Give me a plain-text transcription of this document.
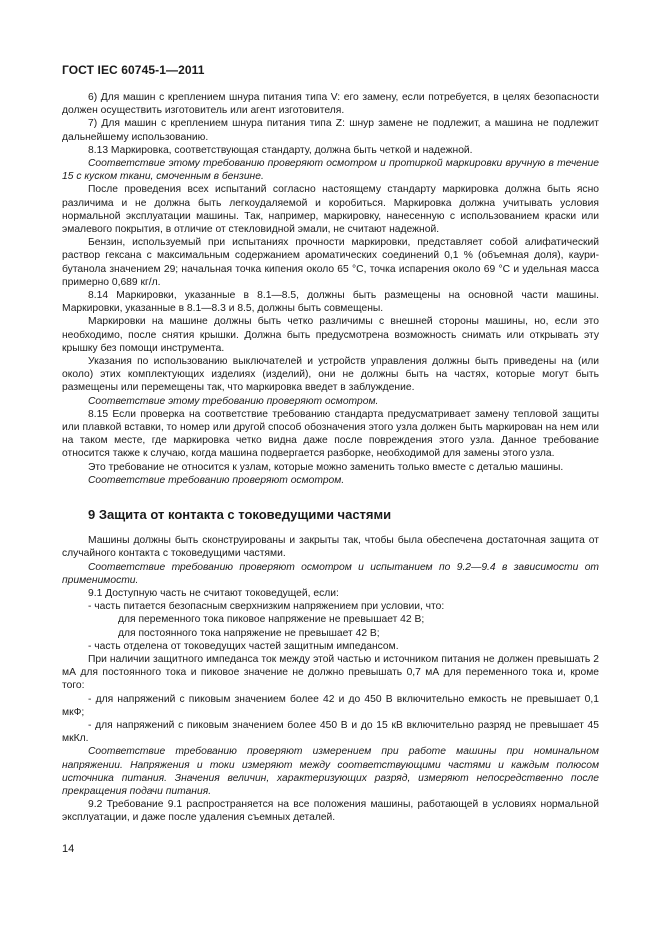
ГОСТ IEC 60745-1—2011

6) Для машин с креплением шнура питания типа V: его замену, если потребуется, в целях безопасности должен осуществить изготовитель или агент изготовителя.

7) Для машин с креплением шнура питания типа Z: шнур замене не подлежит, а машина не подлежит дальнейшему использованию.

8.13 Маркировка, соответствующая стандарту, должна быть четкой и надежной.

Соответствие этому требованию проверяют осмотром и протиркой маркировки вручную в течение 15 с куском ткани, смоченным в бензине.

После проведения всех испытаний согласно настоящему стандарту маркировка должна быть ясно различима и не должна быть легкоудаляемой и коробиться. Маркировка должна учитывать условия нормальной эксплуатации машины. Так, например, маркировку, нанесенную с использованием краски или эмалевого покрытия, в отличие от стекловидной эмали, не считают надежной.

Бензин, используемый при испытаниях прочности маркировки, представляет собой алифатический раствор гексана с максимальным содержанием ароматических соединений 0,1 % (объемная доля), каури-бутанола значением 29; начальная точка кипения около 65 °С, точка испарения около 69 °С и удельная масса примерно 0,689 кг/л.

8.14 Маркировки, указанные в 8.1—8.5, должны быть размещены на основной части машины. Маркировки, указанные в 8.1—8.3 и 8.5, должны быть совмещены.

Маркировки на машине должны быть четко различимы с внешней стороны машины, но, если это необходимо, после снятия крышки. Должна быть предусмотрена возможность снимать или открывать эту крышку без помощи инструмента.

Указания по использованию выключателей и устройств управления должны быть приведены на (или около) этих комплектующих изделиях (изделий), они не должны быть на частях, которые могут быть размещены или перемещены так, что маркировка введет в заблуждение.

Соответствие этому требованию проверяют осмотром.

8.15 Если проверка на соответствие требованию стандарта предусматривает замену тепловой защиты или плавкой вставки, то номер или другой способ обозначения этого узла должен быть маркирован на нем или на таком месте, где маркировка четко видна даже после повреждения этого узла. Данное требование относится также к случаю, когда машина подвергается разборке, необходимой для замены этого узла.

Это требование не относится к узлам, которые можно заменить только вместе с деталью машины.

Соответствие требованию проверяют осмотром.

9 Защита от контакта с токоведущими частями

Машины должны быть сконструированы и закрыты так, чтобы была обеспечена достаточная защита от случайного контакта с токоведущими частями.

Соответствие требованию проверяют осмотром и испытанием по 9.2—9.4 в зависимости от применимости.

9.1 Доступную часть не считают токоведущей, если:

- часть питается безопасным сверхнизким напряжением при условии, что:

для переменного тока пиковое напряжение не превышает 42 В;

для постоянного тока напряжение не превышает 42 В;

- часть отделена от токоведущих частей защитным импедансом.

При наличии защитного импеданса ток между этой частью и источником питания не должен превышать 2 мА для постоянного тока и пиковое значение не должно превышать 0,7 мА для переменного тока и, кроме того:

- для напряжений с пиковым значением более 42 и до 450 В включительно емкость не превышает 0,1 мкФ;

- для напряжений с пиковым значением более 450 В и до 15 кВ включительно разряд не превышает 45 мкКл.

Соответствие требованию проверяют измерением при работе машины при номинальном напряжении. Напряжения и токи измеряют между соответствующими частями и каждым полюсом источника питания. Значения величин, характеризующих разряд, измеряют непосредственно после прекращения подачи питания.

9.2 Требование 9.1 распространяется на все положения машины, работающей в условиях нормальной эксплуатации, и даже после удаления съемных деталей.

14
